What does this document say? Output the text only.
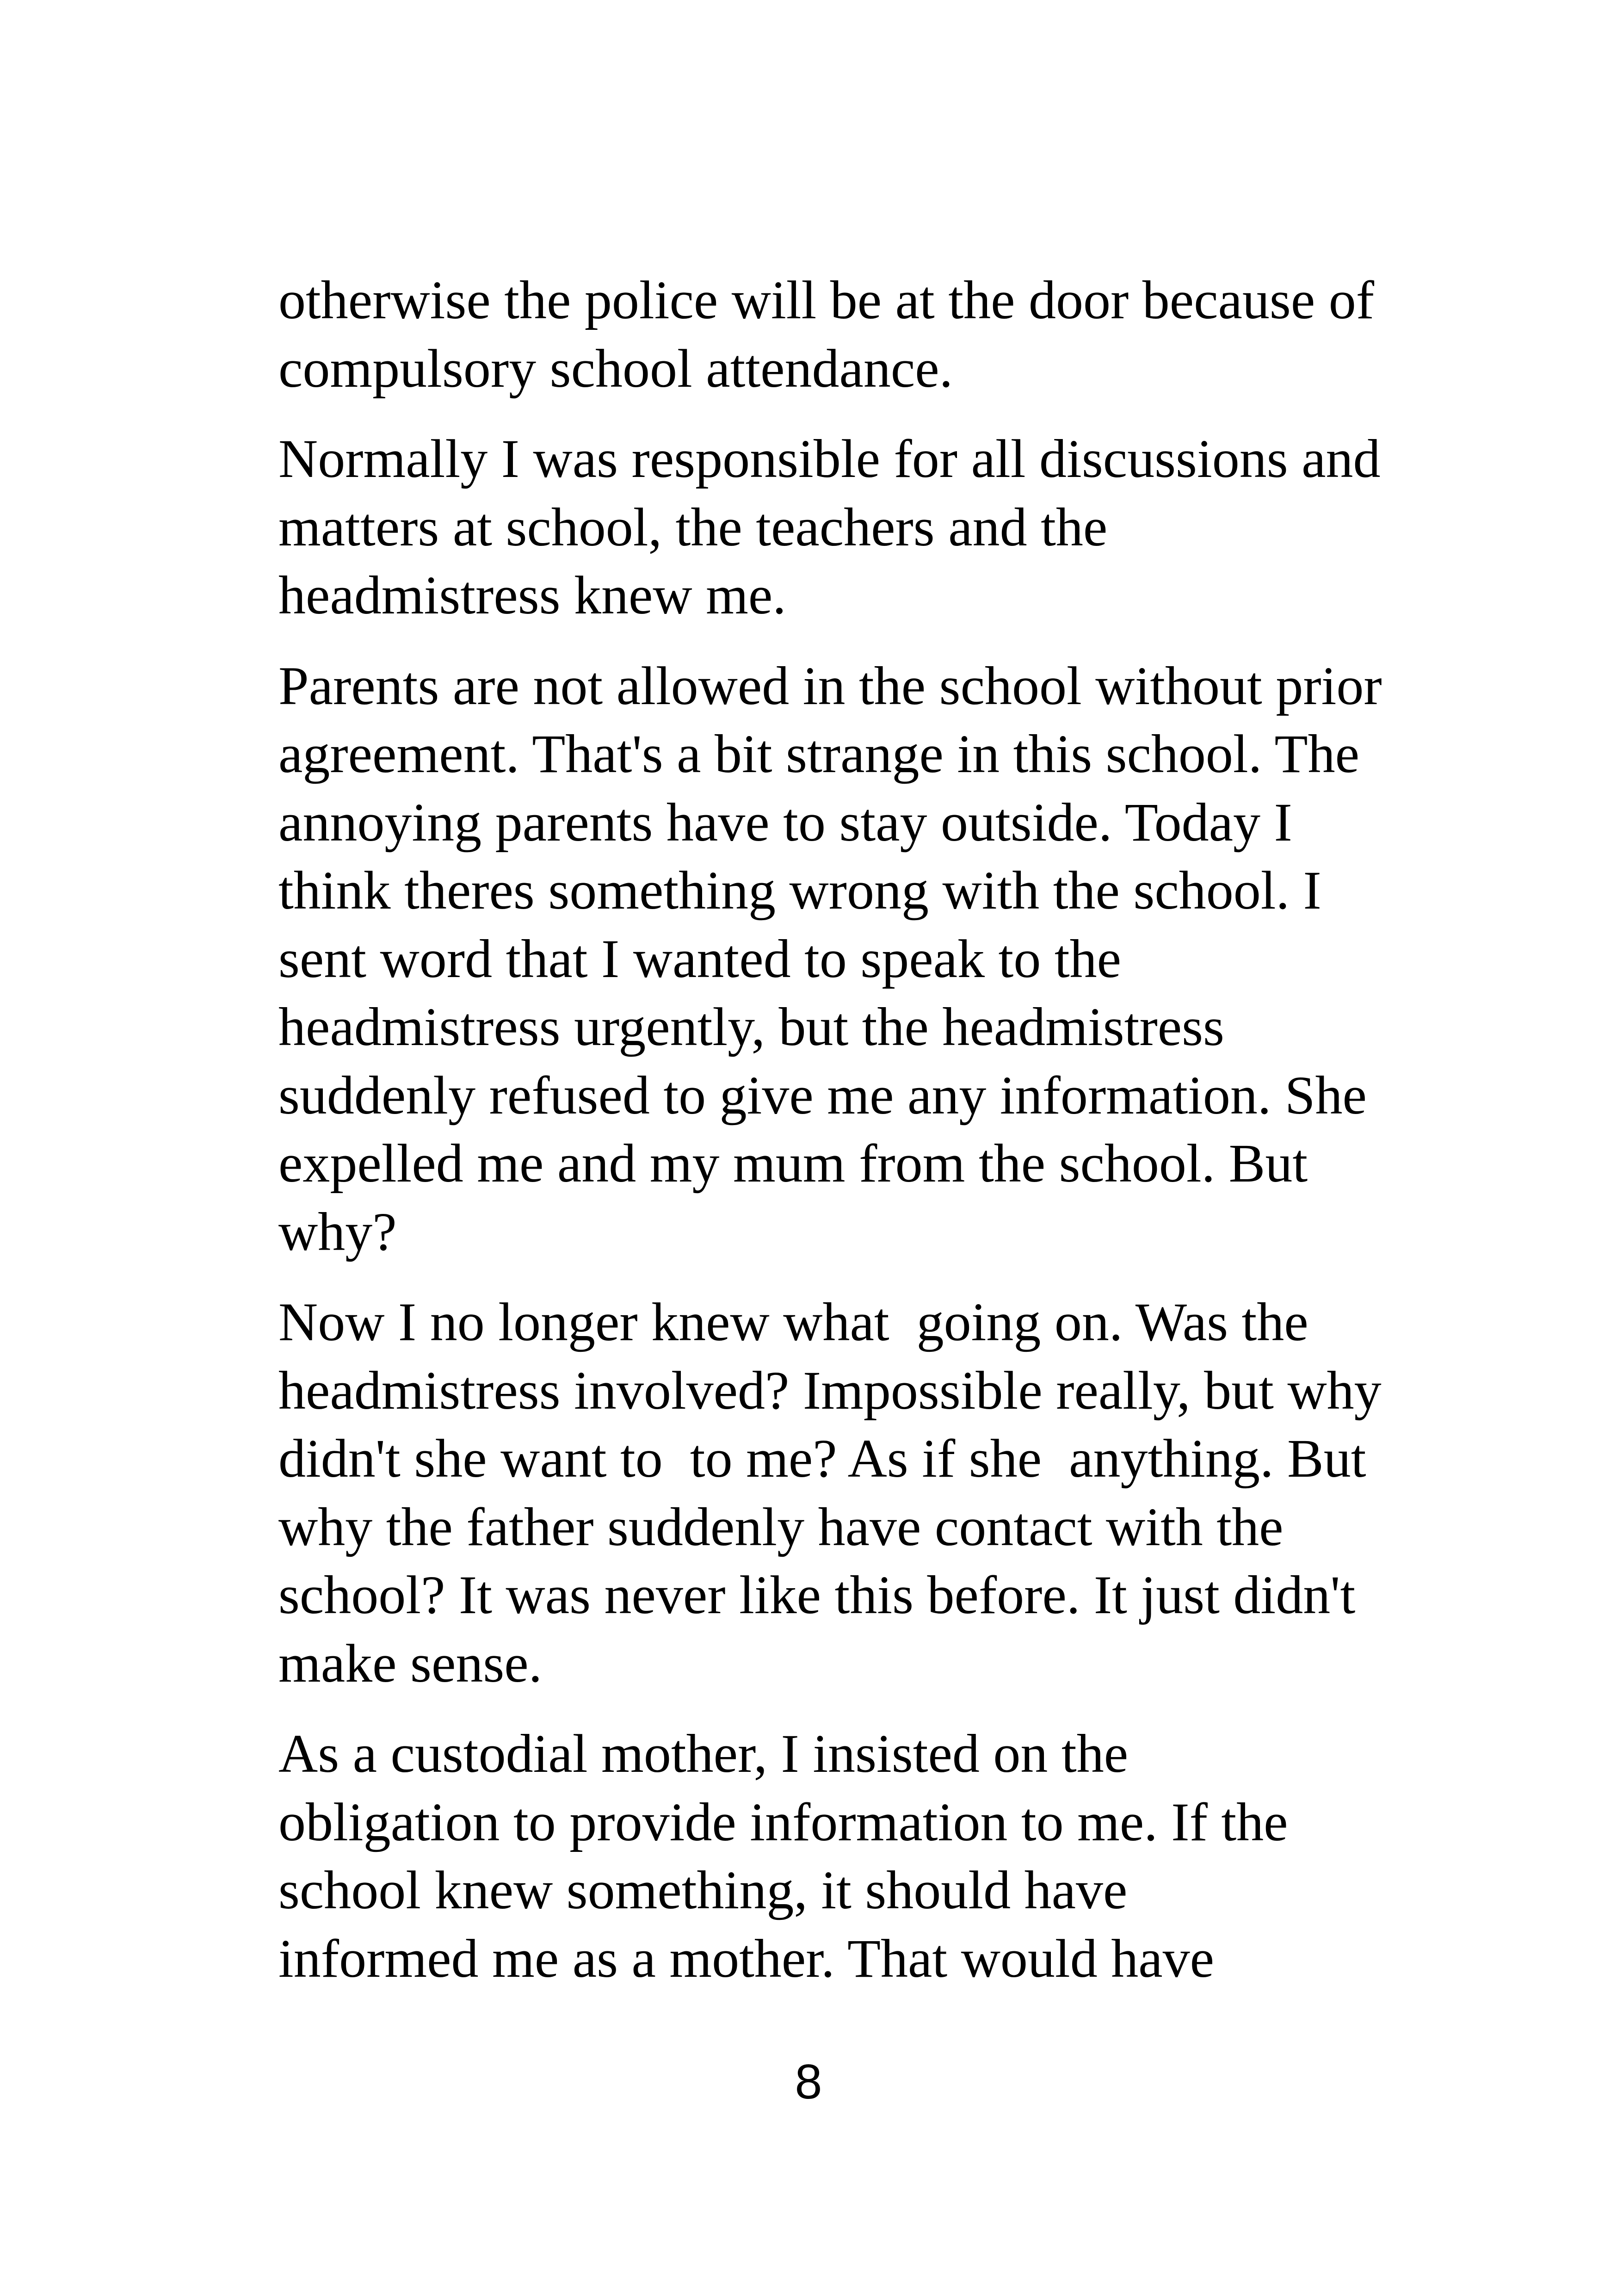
otherwise the police will be at the door because of
compulsory school attendance.

Normally I was responsible for all discussions and
matters at school, the teachers and the
headmistress knew me.

Parents are not allowed in the school without prior
agreement. That's a bit strange in this school. The
annoying parents have to stay outside. Today I
think theres something wrong with the school. I
sent word that I wanted to speak to the
headmistress urgently, but the headmistress
suddenly refused to give me any information. She
expelled me and my mum from the school. But
why?

Now I no longer knew what  going on. Was the
headmistress involved? Impossible really, but why
didn't she want to  to me? As if she  anything. But
why the father suddenly have contact with the
school? It was never like this before. It just didn't
make sense.

As a custodial mother, I insisted on the
obligation to provide information to me. If the
school knew something, it should have
informed me as a mother. That would have

8
